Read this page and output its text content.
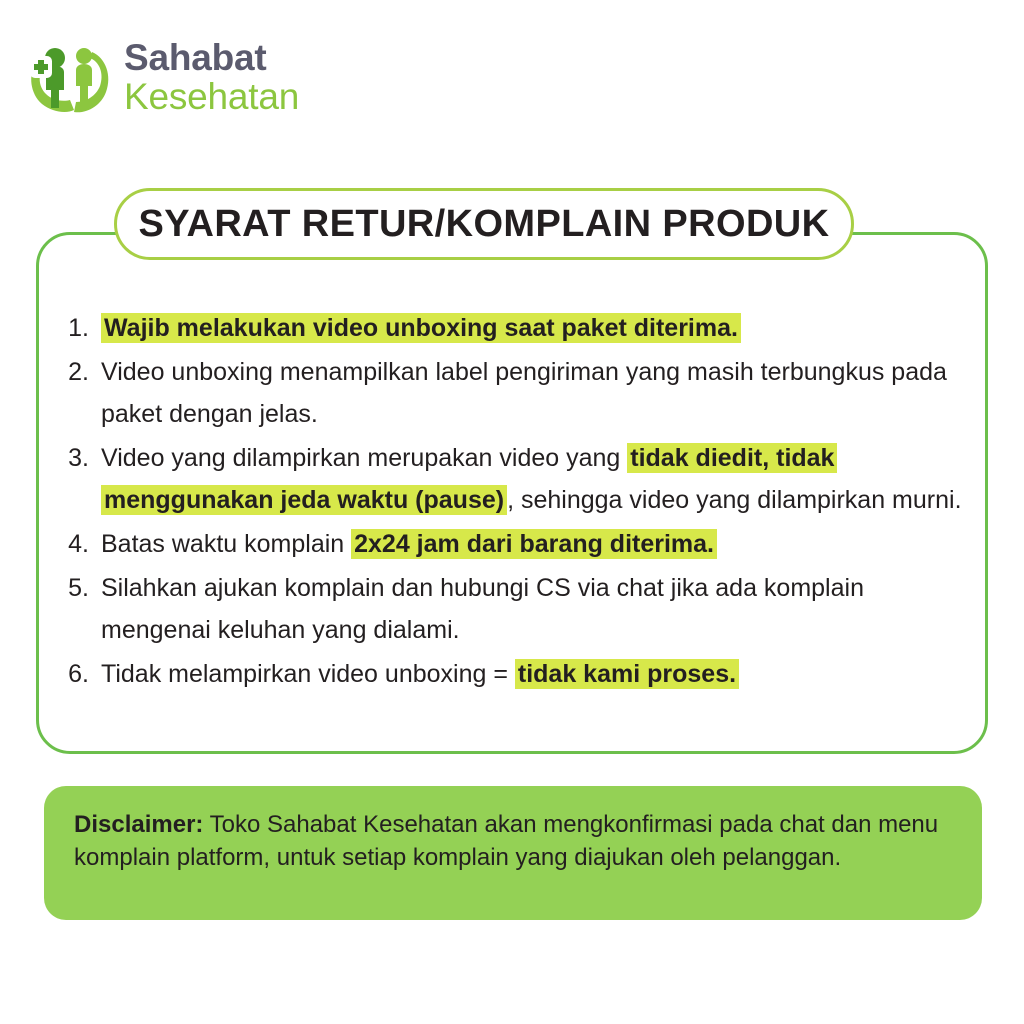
Sahabat
Kesehatan
SYARAT RETUR/KOMPLAIN PRODUK
1. Wajib melakukan video unboxing saat paket diterima.
2. Video unboxing menampilkan label pengiriman yang masih terbungkus pada paket dengan jelas.
3. Video yang dilampirkan merupakan video yang tidak diedit, tidak menggunakan jeda waktu (pause) , sehingga video yang dilampirkan murni.
4. Batas waktu komplain 2x24 jam dari barang diterima.
5. Silahkan ajukan komplain dan hubungi CS via chat jika ada komplain mengenai keluhan yang dialami.
6. Tidak melampirkan video unboxing = tidak kami proses.

Disclaimer: Toko Sahabat Kesehatan akan mengkonfirmasi pada chat dan menu komplain platform, untuk setiap komplain yang diajukan oleh pelanggan.
